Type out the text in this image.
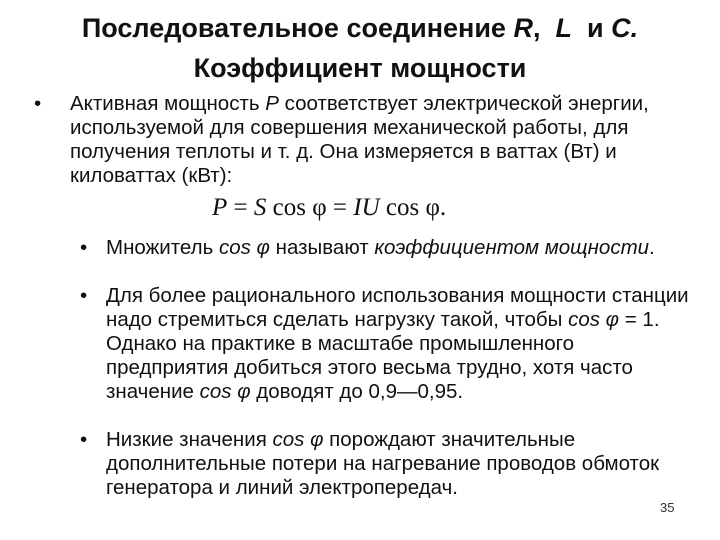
Последовательное соединение R,  L и C.
Коэффициент мощности
• Активная мощность P соответствует электрической энергии, используемой для совершения механической работы, для получения теплоты и т. д. Она измеряется в ваттах (Вт) и киловаттах (кВт):
P = S cos φ = IU cos φ.
• Множитель cos φ называют коэффициентом мощности.
• Для более рационального использования мощности станции надо стремиться сделать нагрузку такой, чтобы cos φ = 1. Однако на практике в масштабе промышленного предприятия добиться этого весьма трудно, хотя часто значение cos φ доводят до 0,9—0,95.
• Низкие значения cos φ порождают значительные дополнительные потери на нагревание проводов обмоток генератора и линий электропередач.
35
